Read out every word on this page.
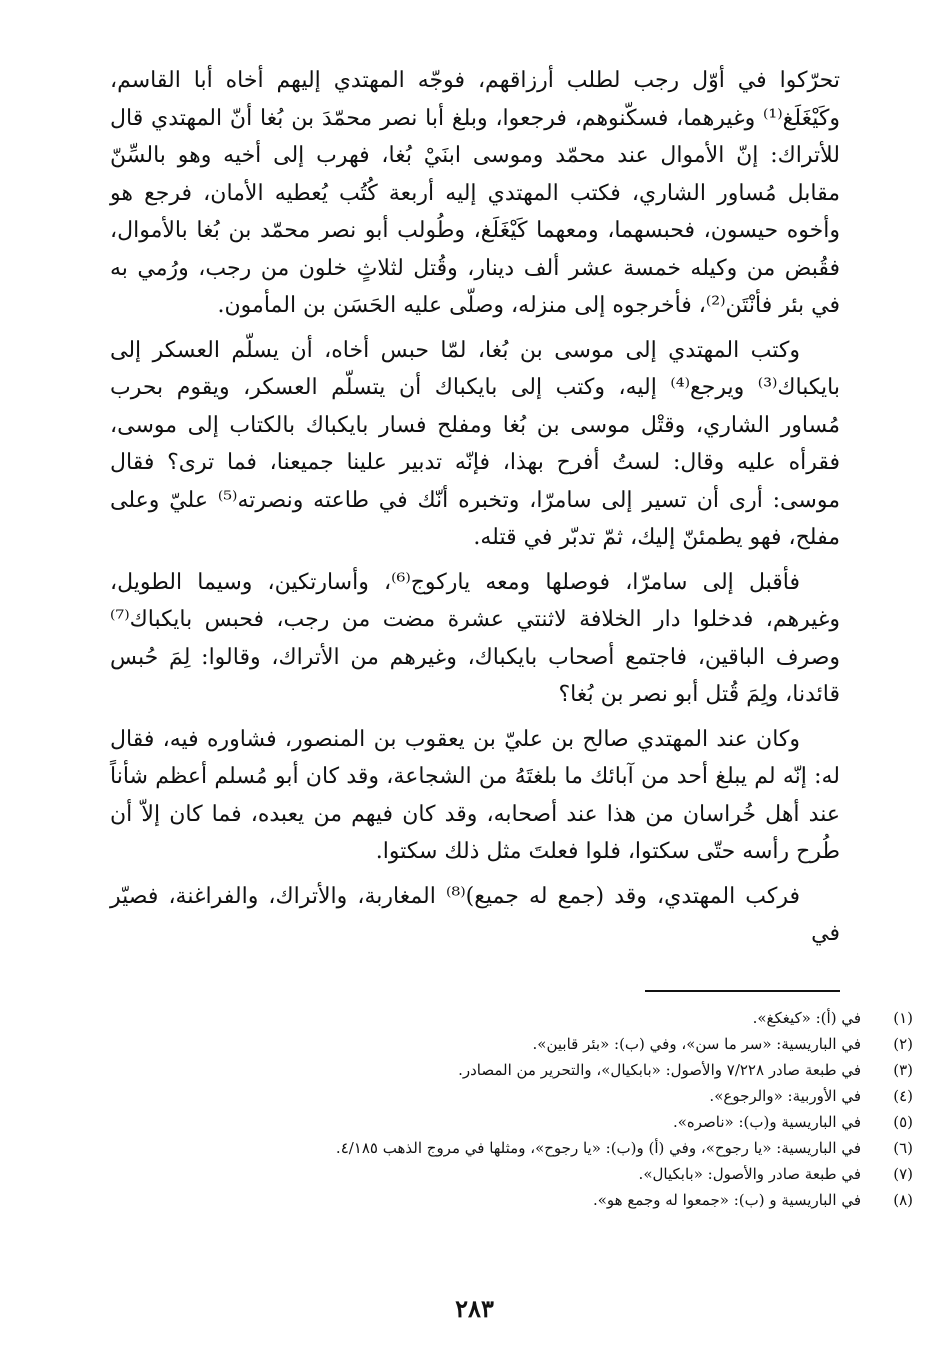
تحرّكوا في أوّل رجب لطلب أرزاقهم، فوجّه المهتدي إليهم أخاه أبا القاسم، وكَيْغَلَغ⁽¹⁾ وغيرهما، فسكّنوهم، فرجعوا، وبلغ أبا نصر محمّدَ بن بُغا أنّ المهتدي قال للأتراك: إنّ الأموال عند محمّد وموسى ابنَيْ بُغا، فهرب إلى أخيه وهو بالسِّنّ مقابل مُساور الشاري، فكتب المهتدي إليه أربعة كُتُب يُعطيه الأمان، فرجع هو وأخوه حيسون، فحبسهما، ومعهما كَيْغَلَغ، وطُولب أبو نصر محمّد بن بُغا بالأموال، فقُبض من وكيله خمسة عشر ألف دينار، وقُتل لثلاثٍ خلون من رجب، ورُمي به في بئر فأنْتَن⁽²⁾، فأخرجوه إلى منزله، وصلّى عليه الحَسَن بن المأمون.

وكتب المهتدي إلى موسى بن بُغا، لمّا حبس أخاه، أن يسلّم العسكر إلى بايكباك⁽³⁾ ويرجع⁽⁴⁾ إليه، وكتب إلى بايكباك أن يتسلّم العسكر، ويقوم بحرب مُساور الشاري، وقتْل موسى بن بُغا ومفلح فسار بايكباك بالكتاب إلى موسى، فقرأه عليه وقال: لستُ أفرح بهذا، فإنّه تدبير علينا جميعنا، فما ترى؟ فقال موسى: أرى أن تسير إلى سامرّا، وتخبره أنّك في طاعته ونصرته⁽⁵⁾ عليّ وعلى مفلح، فهو يطمئنّ إليك، ثمّ تدبّر في قتله.

فأقبل إلى سامرّا، فوصلها ومعه ياركوج⁽⁶⁾، وأسارتكين، وسيما الطويل، وغيرهم، فدخلوا دار الخلافة لاثنتي عشرة مضت من رجب، فحبس بايكباك⁽⁷⁾ وصرف الباقين، فاجتمع أصحاب بايكباك، وغيرهم من الأتراك، وقالوا: لِمَ حُبس قائدنا، ولِمَ قُتل أبو نصر بن بُغا؟

وكان عند المهتدي صالح بن عليّ بن يعقوب بن المنصور، فشاوره فيه، فقال له: إنّه لم يبلغ أحد من آبائك ما بلغتَهُ من الشجاعة، وقد كان أبو مُسلم أعظم شأناً عند أهل خُراسان من هذا عند أصحابه، وقد كان فيهم من يعبده، فما كان إلاّ أن طُرح رأسه حتّى سكتوا، فلوا فعلتَ مثل ذلك سكتوا.

فركب المهتدي، وقد (جمع له جميع)⁽⁸⁾ المغاربة، والأتراك، والفراغنة، فصيّر في

(١)
في (أ): «كيغكغ».
(٢)
في الباريسية: «سر ما سن»، وفي (ب): «بئر قابين».
(٣)
في طبعة صادر ٧/٢٢٨ والأصول: «بابكيال»، والتحرير من المصادر.
(٤)
في الأوربية: «والرجوع».
(٥)
في الباريسية و(ب): «ناصره».
(٦)
في الباريسية: «يا رجوح»، وفي (أ) و(ب): «يا رجوح»، ومثلها في مروج الذهب ٤/١٨٥.
(٧)
في طبعة صادر والأصول: «بابكيال».
(٨)
في الباريسية و (ب): «جمعوا له وجمع هو».
٢٨٣
